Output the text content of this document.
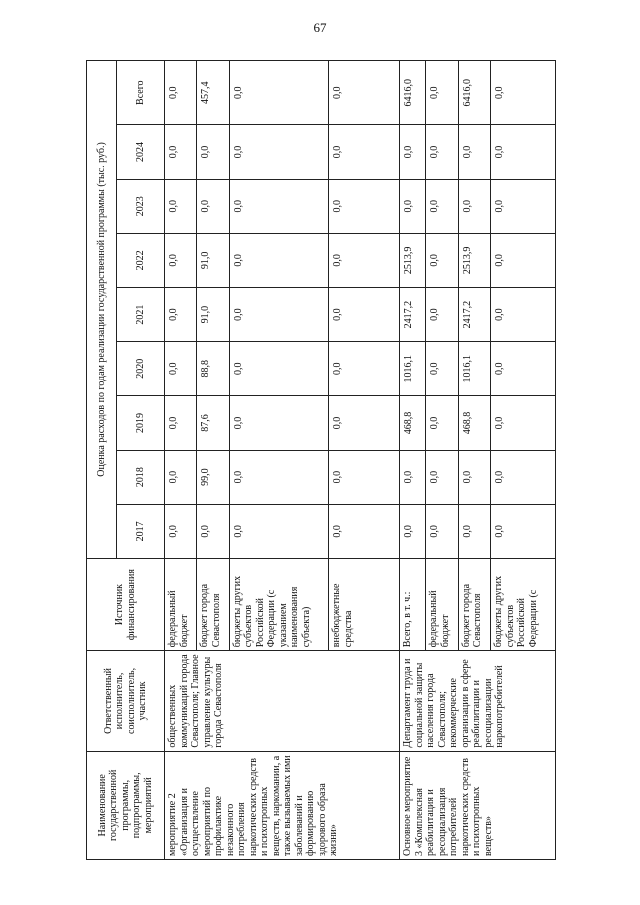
67
Наименование государственной программы, подпрограммы, мероприятий	Ответственный исполнитель, соисполнитель, участник	Источник финансирования	Оценка расходов по годам реализации государственной программы (тыс. руб.)								
			2017	2018	2019	2020	2021	2022	2023	2024	Всего
мероприятие 2 «Организация и осуществление мероприятий по профилактике незаконного потребления наркотических средств и психотропных веществ, наркомании, а также вызываемых ими заболеваний и формированию здорового образа жизни»	общественных коммуникаций города Севастополя; Главное управление культуры города Севастополя	федеральный бюджет	0,0	0,0	0,0	0,0	0,0	0,0	0,0	0,0	0,0
		бюджет города Севастополя	0,0	99,0	87,6	88,8	91,0	91,0	0,0	0,0	457,4
		бюджеты других субъектов Российской Федерации (с указанием наименования субъекта)	0,0	0,0	0,0	0,0	0,0	0,0	0,0	0,0	0,0
		внебюджетные средства	0,0	0,0	0,0	0,0	0,0	0,0	0,0	0,0	0,0
Основное мероприятие 3 «Комплексная реабилитация и ресоциализация потребителей наркотических средств и психотропных веществ»	Департамент труда и социальной защиты населения города Севастополя; некоммерческие организации в сфере реабилитации и ресоциализации наркопотребителей	Всего, в т. ч.:	0,0	0,0	468,8	1016,1	2417,2	2513,9	0,0	0,0	6416,0
		федеральный бюджет	0,0	0,0	0,0	0,0	0,0	0,0	0,0	0,0	0,0
		бюджет города Севастополя	0,0	0,0	468,8	1016,1	2417,2	2513,9	0,0	0,0	6416,0
		бюджеты других субъектов Российской Федерации (с	0,0	0,0	0,0	0,0	0,0	0,0	0,0	0,0	0,0
